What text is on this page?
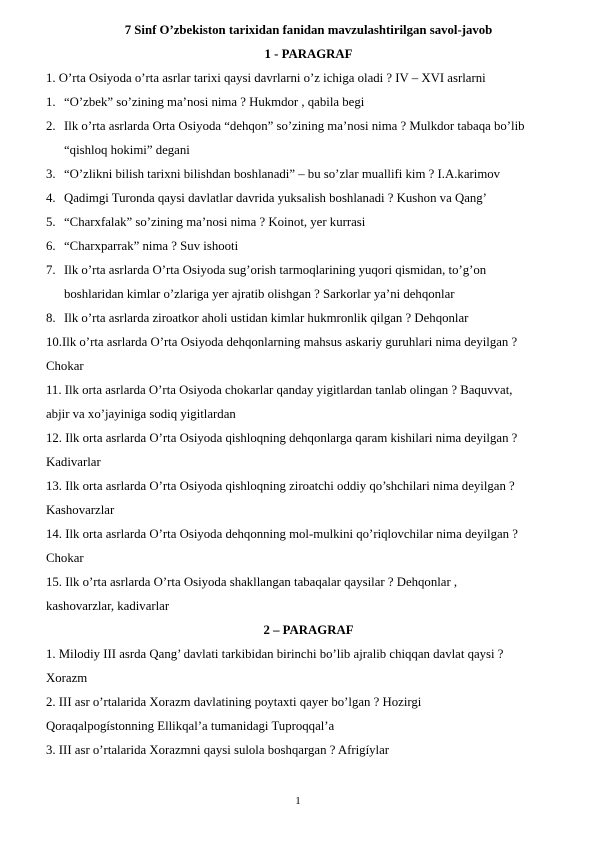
7 Sinf O’zbekiston tarixidan fanidan mavzulashtirilgan savol-javob

1 - PARAGRAF

1. O’rta Osiyoda o’rta asrlar tarixi qaysi davrlarni o’z ichiga oladi ? IV – XVI asrlarni

1. “O’zbek” so’zining ma’nosi nima ? Hukmdor , qabila begi
2. Ilk o’rta asrlarda Orta Osiyoda “dehqon” so’zining ma’nosi nima ? Mulkdor tabaqa bo’lib
“qishloq hokimi” degani
3. “O’zlikni bilish tarixni bilishdan boshlanadi” – bu so’zlar muallifi kim ? I.A.karimov
4. Qadimgi Turonda qaysi davlatlar davrida yuksalish boshlanadi ? Kushon va Qang’
5. “Charxfalak” so’zining ma’nosi nima ? Koinot, yer kurrasi
6. “Charxparrak” nima ? Suv ishooti
7. Ilk o’rta asrlarda O’rta Osiyoda sug’orish tarmoqlarining yuqori qismidan, to’g’on
boshlaridan kimlar o’zlariga yer ajratib olishgan ? Sarkorlar ya’ni dehqonlar
8. Ilk o’rta asrlarda ziroatkor aholi ustidan kimlar hukmronlik qilgan ? Dehqonlar

10.Ilk o’rta asrlarda O’rta Osiyoda dehqonlarning mahsus askariy guruhlari nima deyilgan ?

Chokar

11. Ilk orta asrlarda O’rta Osiyoda chokarlar qanday yigitlardan tanlab olingan ? Baquvvat,

abjir va xo’jayiniga sodiq yigitlardan

12. Ilk orta asrlarda O’rta Osiyoda qishloqning dehqonlarga qaram kishilari nima deyilgan ?

Kadivarlar

13. Ilk orta asrlarda O’rta Osiyoda qishloqning ziroatchi oddiy qo’shchilari nima deyilgan ?

Kashovarzlar

14. Ilk orta asrlarda O’rta Osiyoda dehqonning mol-mulkini qo’riqlovchilar nima deyilgan ?

Chokar

15. Ilk o’rta asrlarda O’rta Osiyoda shakllangan tabaqalar qaysilar ? Dehqonlar ,

kashovarzlar, kadivarlar

2 – PARAGRAF

1. Milodiy III asrda Qang’ davlati tarkibidan birinchi bo’lib ajralib chiqqan davlat qaysi ?

Xorazm

2. III asr o’rtalarida Xorazm davlatining poytaxti qayer bo’lgan ? Hozirgi

Qoraqalpogístonning Ellikqal’a tumanidagi Tuproqqal’a

3. III asr o’rtalarida Xorazmni qaysi sulola boshqargan ? Afrigíylar

1
